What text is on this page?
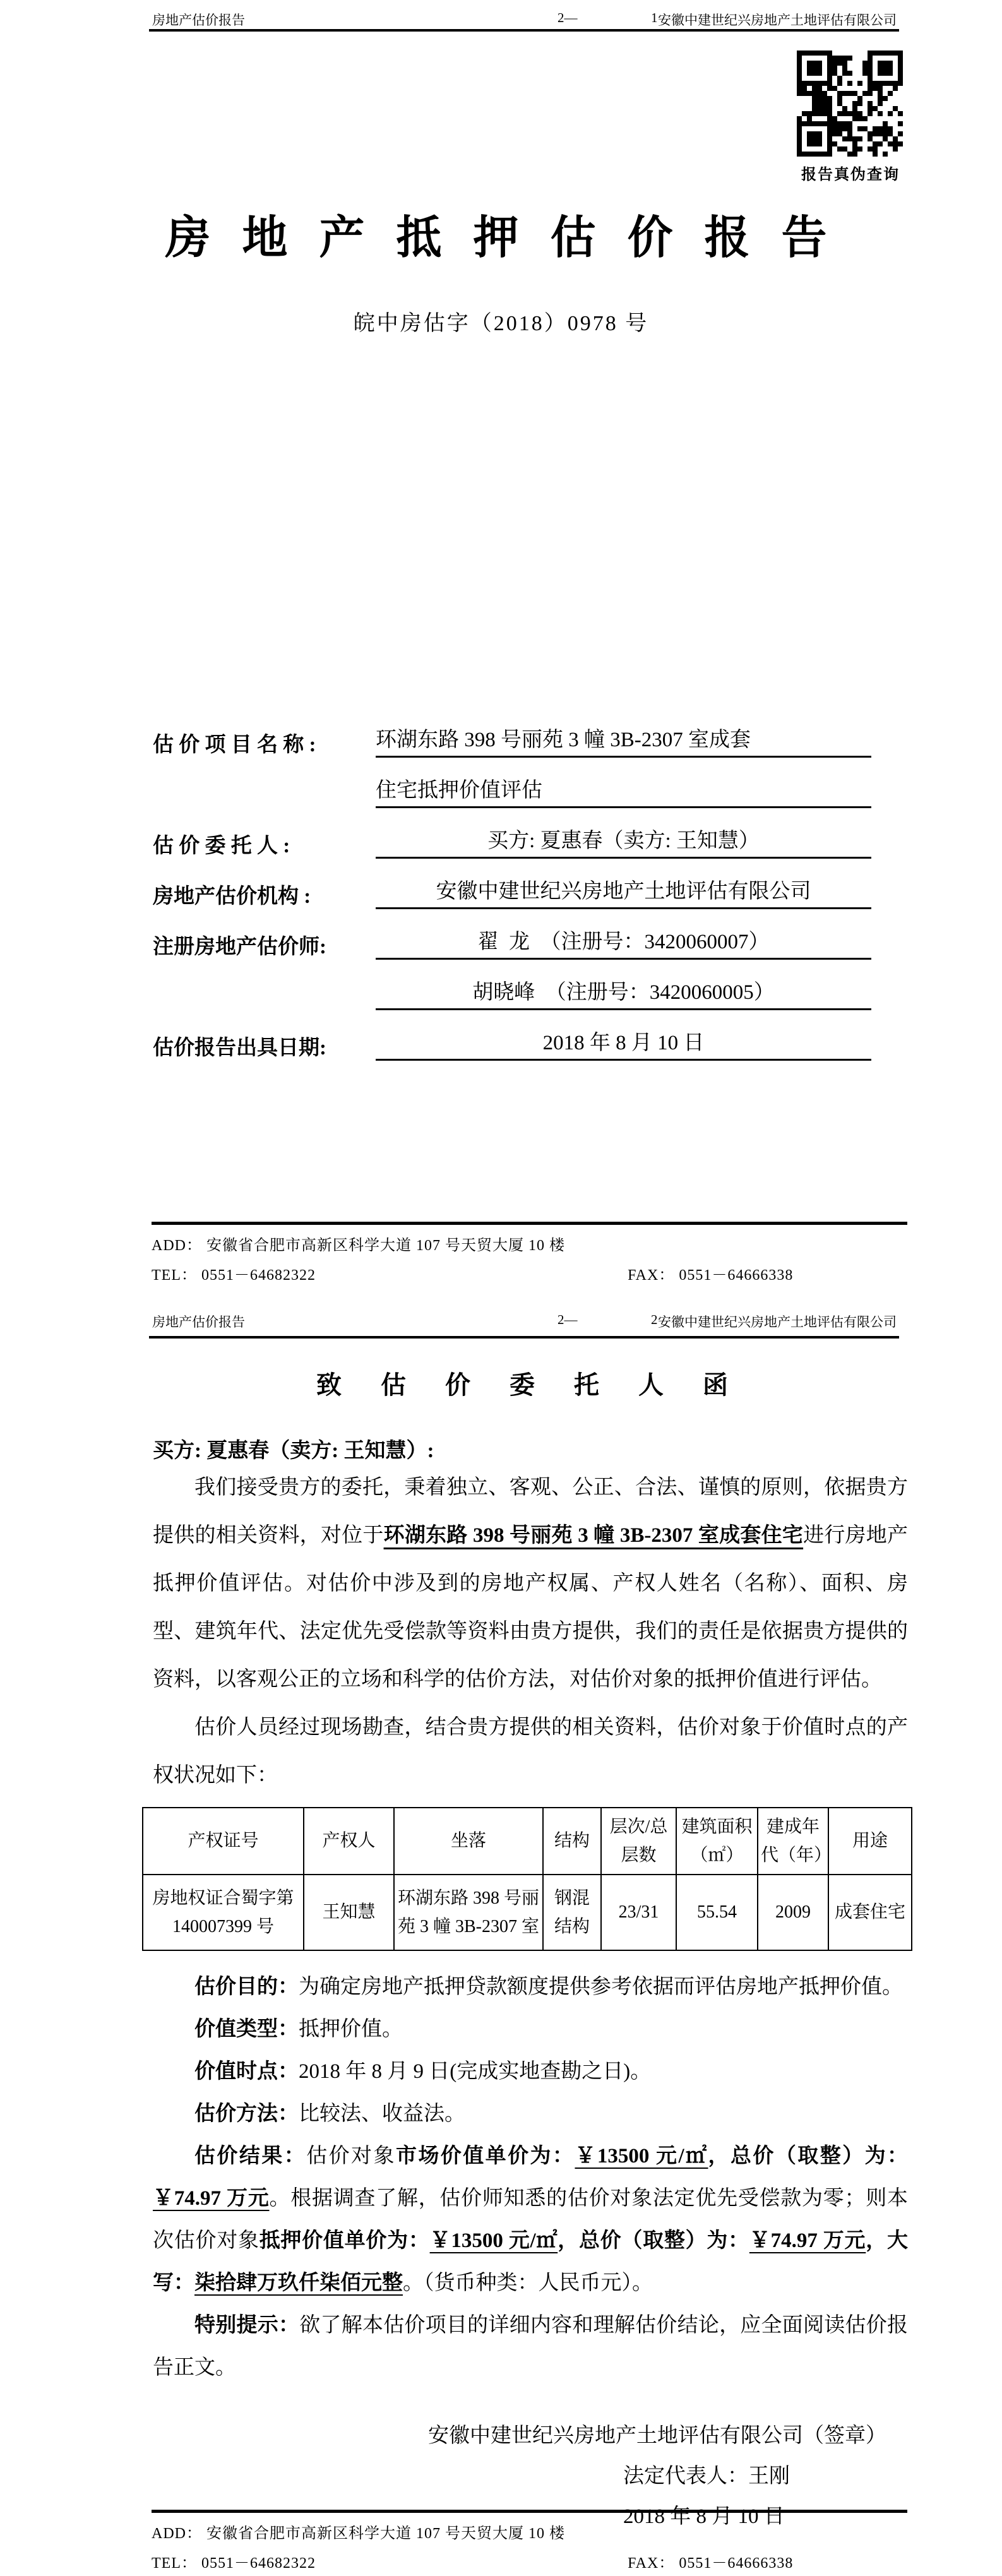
房地产估价报告	2—	1 安徽中建世纪兴房地产土地评估有限公司
报告真伪查询
房 地 产 抵 押 估 价 报 告
皖中房估字（2018）0978 号
估 价 项 目 名 称 :	环湖东路 398 号丽苑 3 幢 3B-2307 室成套
住宅抵押价值评估
估 价 委 托 人 :	买方: 夏惠春（卖方: 王知慧）
房地产估价机构 :	安徽中建世纪兴房地产土地评估有限公司
注册房地产估价师:	翟  龙  （注册号：3420060007）
胡晓峰  （注册号：3420060005）
估价报告出具日期:	2018 年 8 月 10 日
ADD： 安徽省合肥市高新区科学大道 107 号天贸大厦 10 楼
TEL： 0551－64682322	FAX： 0551－64666338
房地产估价报告	2—	2 安徽中建世纪兴房地产土地评估有限公司
致 估 价 委 托 人 函
买方: 夏惠春（卖方: 王知慧）:

我们接受贵方的委托，秉着独立、客观、公正、合法、谨慎的原则，依据贵方提供的相关资料，对位于环湖东路 398 号丽苑 3 幢 3B-2307 室成套住宅进行房地产抵押价值评估。对估价中涉及到的房地产权属、产权人姓名（名称）、面积、房型、建筑年代、法定优先受偿款等资料由贵方提供，我们的责任是依据贵方提供的资料，以客观公正的立场和科学的估价方法，对估价对象的抵押价值进行评估。

估价人员经过现场勘查，结合贵方提供的相关资料，估价对象于价值时点的产权状况如下：

产权证号	产权人	坐落	结构	层次/总层数	建筑面积（㎡）	建成年代（年）	用途
房地权证合蜀字第 140007399 号	王知慧	环湖东路 398 号丽苑 3 幢 3B-2307 室	钢混结构	23/31	55.54	2009	成套住宅

估价目的：为确定房地产抵押贷款额度提供参考依据而评估房地产抵押价值。

价值类型：抵押价值。

价值时点：2018 年 8 月 9 日(完成实地查勘之日)。

估价方法：比较法、收益法。

估价结果：估价对象市场价值单价为：￥13500 元/㎡，总价（取整）为：￥74.97 万元。根据调查了解，估价师知悉的估价对象法定优先受偿款为零；则本次估价对象抵押价值单价为：￥13500 元/㎡，总价（取整）为：￥74.97 万元，大写：柒拾肆万玖仟柒佰元整。（货币种类：人民币元）。

特别提示：欲了解本估价项目的详细内容和理解估价结论，应全面阅读估价报告正文。

安徽中建世纪兴房地产土地评估有限公司（签章）
法定代表人：王刚
2018 年 8 月 10 日
ADD： 安徽省合肥市高新区科学大道 107 号天贸大厦 10 楼
TEL： 0551－64682322	FAX： 0551－64666338
